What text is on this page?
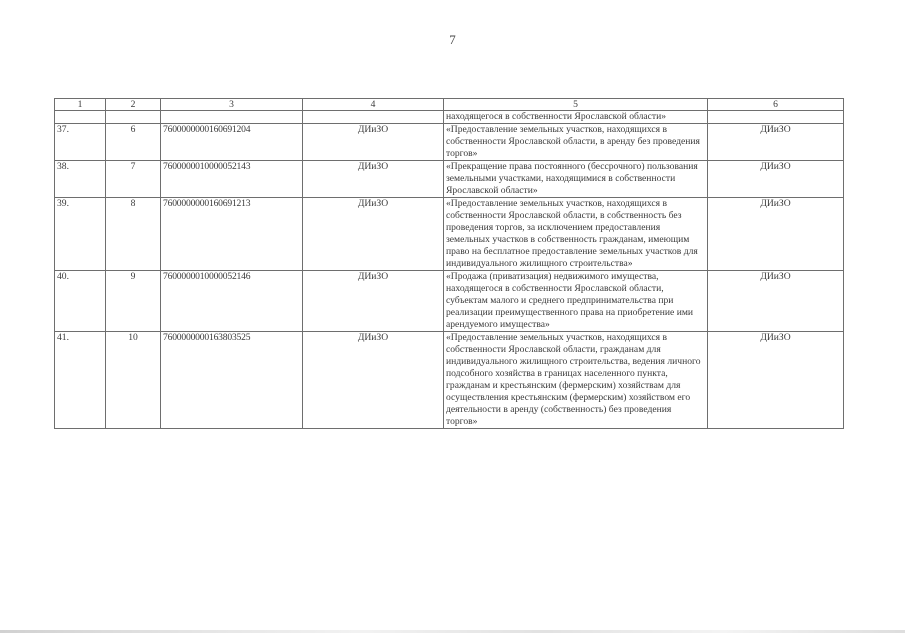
7
1	2	3	4	5	6
				находящегося в собственности Ярославской области»	
37.	6	7600000000160691204	ДИиЗО	«Предоставление земельных участков, находящихся в собственности Ярославской области, в аренду без проведения торгов»	ДИиЗО
38.	7	7600000010000052143	ДИиЗО	«Прекращение права постоянного (бессрочного) пользования земельными участками, находящимися в собственности Ярославской области»	ДИиЗО
39.	8	7600000000160691213	ДИиЗО	«Предоставление земельных участков, находящихся в собственности Ярославской области, в собственность без проведения торгов, за исключением предоставления земельных участков в собственность гражданам, имеющим право на бесплатное предоставление земельных участков для индивидуального жилищного строительства»	ДИиЗО
40.	9	7600000010000052146	ДИиЗО	«Продажа (приватизация) недвижимого имущества, находящегося в собственности Ярославской области, субъектам малого и среднего предпринимательства при реализации преимущественного права на приобретение ими арендуемого имущества»	ДИиЗО
41.	10	7600000000163803525	ДИиЗО	«Предоставление земельных участков, находящихся в собственности Ярославской области, гражданам для индивидуального жилищного строительства, ведения личного подсобного хозяйства в границах населенного пункта, гражданам и крестьянским (фермерским) хозяйствам для осуществления крестьянским (фермерским) хозяйством его деятельности в аренду (собственность) без проведения торгов»	ДИиЗО
